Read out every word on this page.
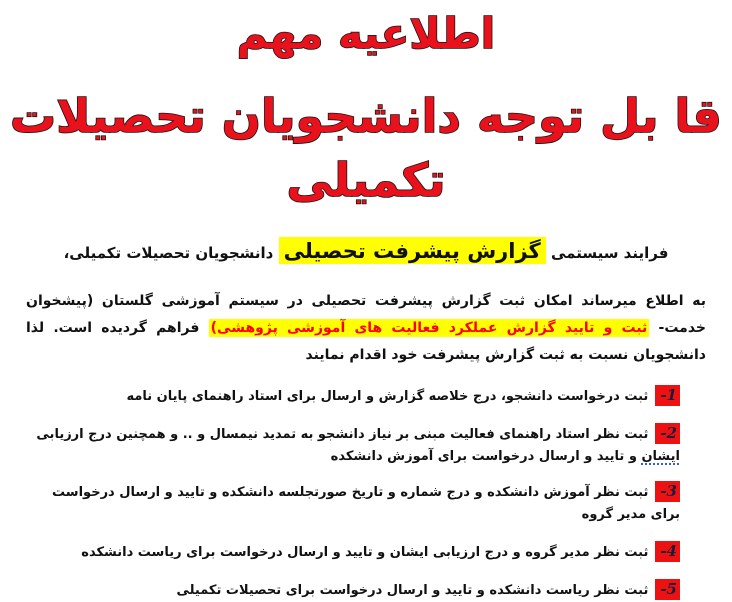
اطلاعیه مهم
قا بل توجه دانشجویان تحصیلات تکمیلی
فرایند سیستمی گزارش پیشرفت تحصیلی دانشجویان تحصیلات تکمیلی،
به اطلاع میرساند امکان ثبت گزارش پیشرفت تحصیلی در سیستم آموزشی گلستان (پیشخوان خدمت- ثبت و تایید گزارش عملکرد فعالیت های آموزشی پژوهشی) فراهم گردیده است. لذا دانشجویان نسبت به ثبت گزارش پیشرفت خود اقدام نمایند
1-ثبت درخواست دانشجو، درج خلاصه گزارش و ارسال برای استاد راهنمای پایان نامه
2-ثبت نظر استاد راهنمای فعالیت مبنی بر نیاز دانشجو به تمدید نیمسال و .. و همچنین درج ارزیابی ایشان و تایید و ارسال درخواست برای آموزش دانشکده
3-ثبت نظر آموزش دانشکده و درج شماره و تاریخ صورتجلسه دانشکده و تایید و ارسال درخواست برای مدیر گروه
4-ثبت نظر مدیر گروه و درج ارزیابی ایشان و تایید و ارسال درخواست برای ریاست دانشکده
5-ثبت نظر ریاست دانشکده و تایید و ارسال درخواست برای تحصیلات تکمیلی
